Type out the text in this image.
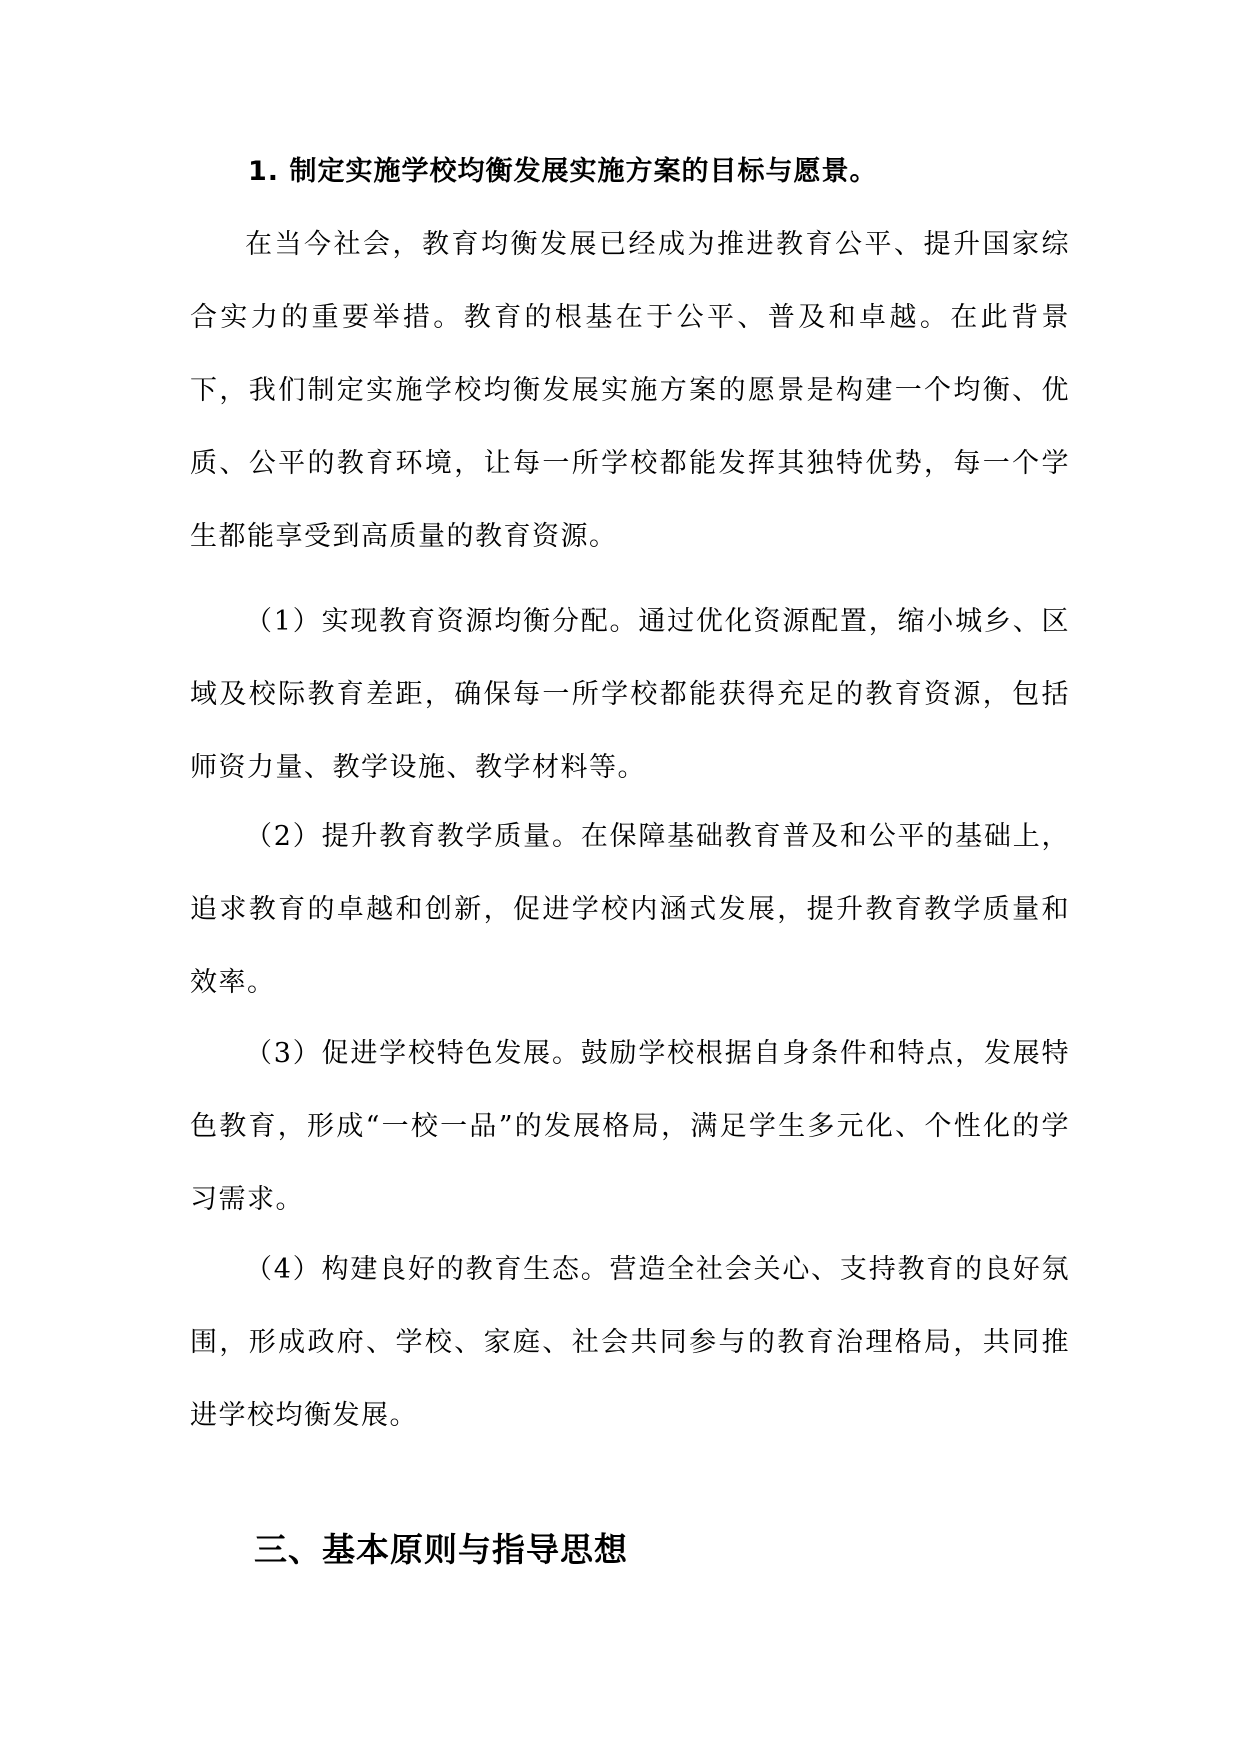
1. 制定实施学校均衡发展实施方案的目标与愿景。

在当今社会，教育均衡发展已经成为推进教育公平、提升国家综合实力的重要举措。教育的根基在于公平、普及和卓越。在此背景下，我们制定实施学校均衡发展实施方案的愿景是构建一个均衡、优质、公平的教育环境，让每一所学校都能发挥其独特优势，每一个学生都能享受到高质量的教育资源。

（1）实现教育资源均衡分配。通过优化资源配置，缩小城乡、区域及校际教育差距，确保每一所学校都能获得充足的教育资源，包括师资力量、教学设施、教学材料等。

（2）提升教育教学质量。在保障基础教育普及和公平的基础上，追求教育的卓越和创新，促进学校内涵式发展，提升教育教学质量和效率。

（3）促进学校特色发展。鼓励学校根据自身条件和特点，发展特色教育，形成“一校一品”的发展格局，满足学生多元化、个性化的学习需求。

（4）构建良好的教育生态。营造全社会关心、支持教育的良好氛围，形成政府、学校、家庭、社会共同参与的教育治理格局，共同推进学校均衡发展。

三、基本原则与指导思想
